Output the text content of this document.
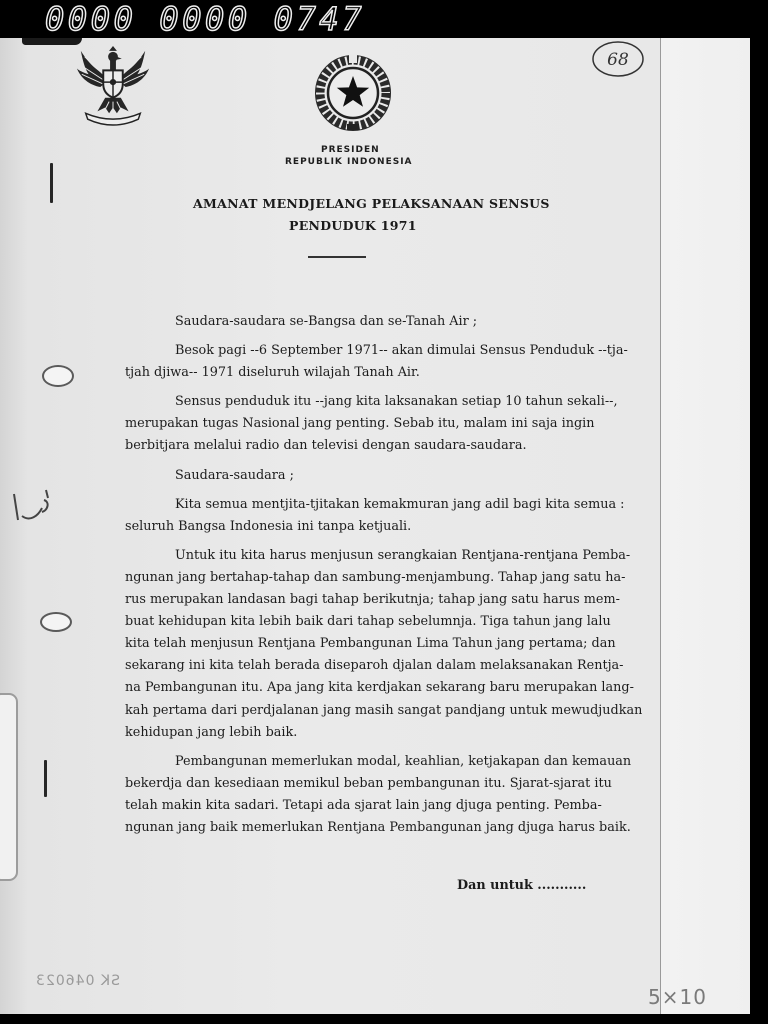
0000 0000 0747
68
PRESIDEN
REPUBLIK INDONESIA
AMANAT MENDJELANG PELAKSANAAN SENSUS
PENDUDUK 1971
Saudara-saudara se-Bangsa dan se-Tanah Air ;
Besok pagi --6 September 1971-- akan dimulai Sensus Penduduk --tja-
tjah djiwa-- 1971 diseluruh wilajah Tanah Air.
Sensus penduduk itu --jang kita laksanakan setiap 10 tahun sekali--,
merupakan tugas Nasional jang penting. Sebab itu, malam ini saja ingin
berbitjara melalui radio dan televisi dengan saudara-saudara.
Saudara-saudara ;
Kita semua mentjita-tjitakan kemakmuran jang adil bagi kita semua :
seluruh Bangsa Indonesia ini tanpa ketjuali.
Untuk itu kita harus menjusun serangkaian Rentjana-rentjana Pemba-
ngunan jang bertahap-tahap dan sambung-menjambung. Tahap jang satu ha-
rus merupakan landasan bagi tahap berikutnja; tahap jang satu harus mem-
buat kehidupan kita lebih baik dari tahap sebelumnja. Tiga tahun jang lalu
kita telah menjusun Rentjana Pembangunan Lima Tahun jang pertama; dan
sekarang ini kita telah berada diseparoh djalan dalam melaksanakan Rentja-
na Pembangunan itu. Apa jang kita kerdjakan sekarang baru merupakan lang-
kah pertama dari perdjalanan jang masih sangat pandjang untuk mewudjudkan
kehidupan jang lebih baik.
Pembangunan memerlukan modal, keahlian, ketjakapan dan kemauan
bekerdja dan kesediaan memikul beban pembangunan itu. Sjarat-sjarat itu
telah makin kita sadari. Tetapi ada sjarat lain jang djuga penting. Pemba-
ngunan jang baik memerlukan Rentjana Pembangunan jang djuga harus baik.
Dan untuk ...........
SK 046023
5×10
